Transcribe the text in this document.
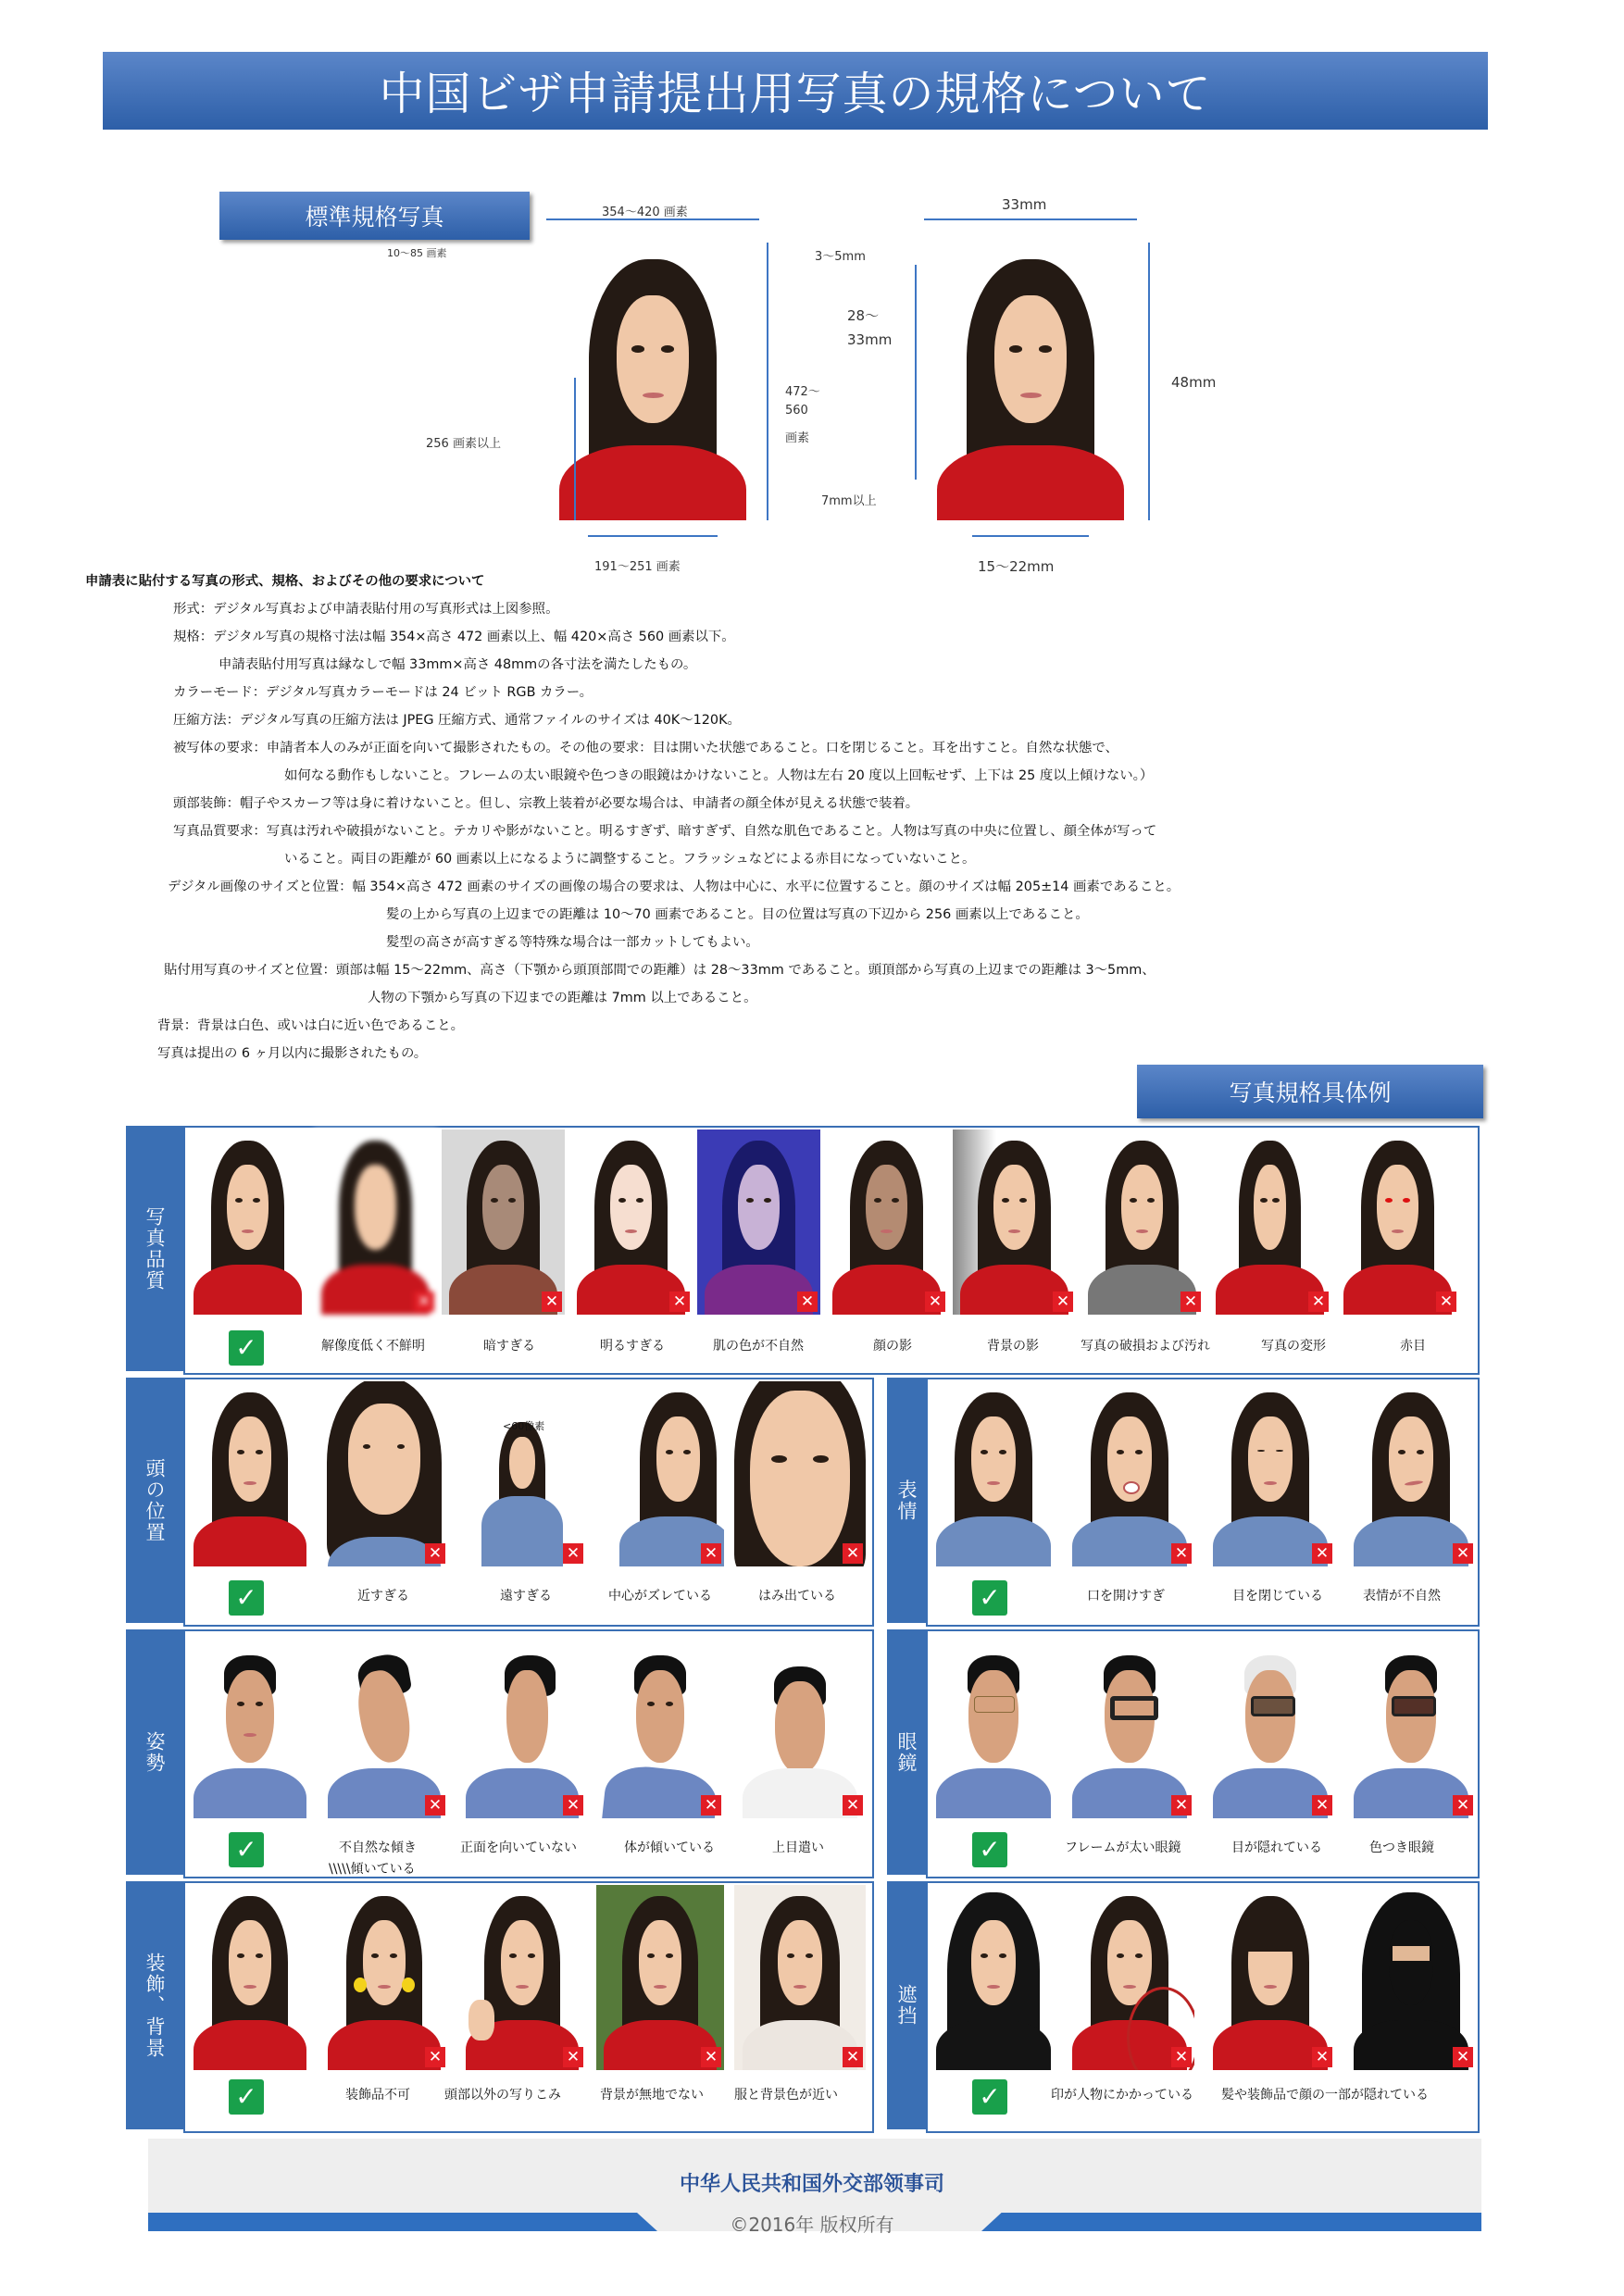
中国ビザ申請提出用写真の規格について
標準規格写真	354～420 画素
10～85 画素
472～
560
画素
256 画素以上
191～251 画素
33mm
3～5mm
28～
33mm
48mm
7mm以上
15～22mm
申請表に貼付する写真の形式、規格、およびその他の要求について
形式：デジタル写真および申請表貼付用の写真形式は上図参照。
規格：デジタル写真の規格寸法は幅 354×高さ 472 画素以上、幅 420×高さ 560 画素以下。
申請表貼付用写真は縁なしで幅 33mm×高さ 48mmの各寸法を満たしたもの。
カラーモード：デジタル写真カラーモードは 24 ビット RGB カラー。
圧縮方法：デジタル写真の圧縮方法は JPEG 圧縮方式、通常ファイルのサイズは 40K～120K。
被写体の要求：申請者本人のみが正面を向いて撮影されたもの。その他の要求：目は開いた状態であること。口を閉じること。耳を出すこと。自然な状態で、
如何なる動作もしないこと。フレームの太い眼鏡や色つきの眼鏡はかけないこと。人物は左右 20 度以上回転せず、上下は 25 度以上傾けない。）
頭部装飾：帽子やスカーフ等は身に着けないこと。但し、宗教上装着が必要な場合は、申請者の顔全体が見える状態で装着。
写真品質要求：写真は汚れや破損がないこと。テカリや影がないこと。明るすぎず、暗すぎず、自然な肌色であること。人物は写真の中央に位置し、顔全体が写って
いること。両目の距離が 60 画素以上になるように調整すること。フラッシュなどによる赤目になっていないこと。
デジタル画像のサイズと位置：幅 354×高さ 472 画素のサイズの画像の場合の要求は、人物は中心に、水平に位置すること。顔のサイズは幅 205±14 画素であること。
髪の上から写真の上辺までの距離は 10～70 画素であること。目の位置は写真の下辺から 256 画素以上であること。
髪型の高さが高すぎる等特殊な場合は一部カットしてもよい。
貼付用写真のサイズと位置：頭部は幅 15～22mm、高さ（下顎から頭頂部間での距離）は 28～33mm であること。頭頂部から写真の上辺までの距離は 3～5mm、
人物の下顎から写真の下辺までの距離は 7mm 以上であること。
背景：背景は白色、或いは白に近い色であること。
写真は提出の 6 ヶ月以内に撮影されたもの。
写真規格具体例
写真品質
✕	✕	✕	✕	✕	✕	✕	✕	✕
✓	解像度低く不鮮明	暗すぎる	明るすぎる	肌の色が不自然	顔の影	背景の影	写真の破損および汚れ	写真の変形	赤目
頭の位置
✕
<60像素
✕	✕	✕
✓	近すぎる	遠すぎる	中心がズレている	はみ出ている
表情
✕	✕	✕
✓	口を開けすぎ	目を閉じている	表情が不自然
姿勢
✕	✕	✕	✕
✓	不自然な傾き
\\\\\傾いている
正面を向いていない	体が傾いている	上目遣い
眼鏡
✕	✕	✕
✓	フレームが太い眼鏡	目が隠れている	色つき眼鏡
装飾、背景	✕	✕	✕	✕
✓	装飾品不可	頭部以外の写りこみ	背景が無地でない 服と背景色が近い
遮挡
✕	✕	✕
✓	印が人物にかかっている 髪や装飾品で顔の一部が隠れている
中华人民共和国外交部领事司
©2016年 版权所有
